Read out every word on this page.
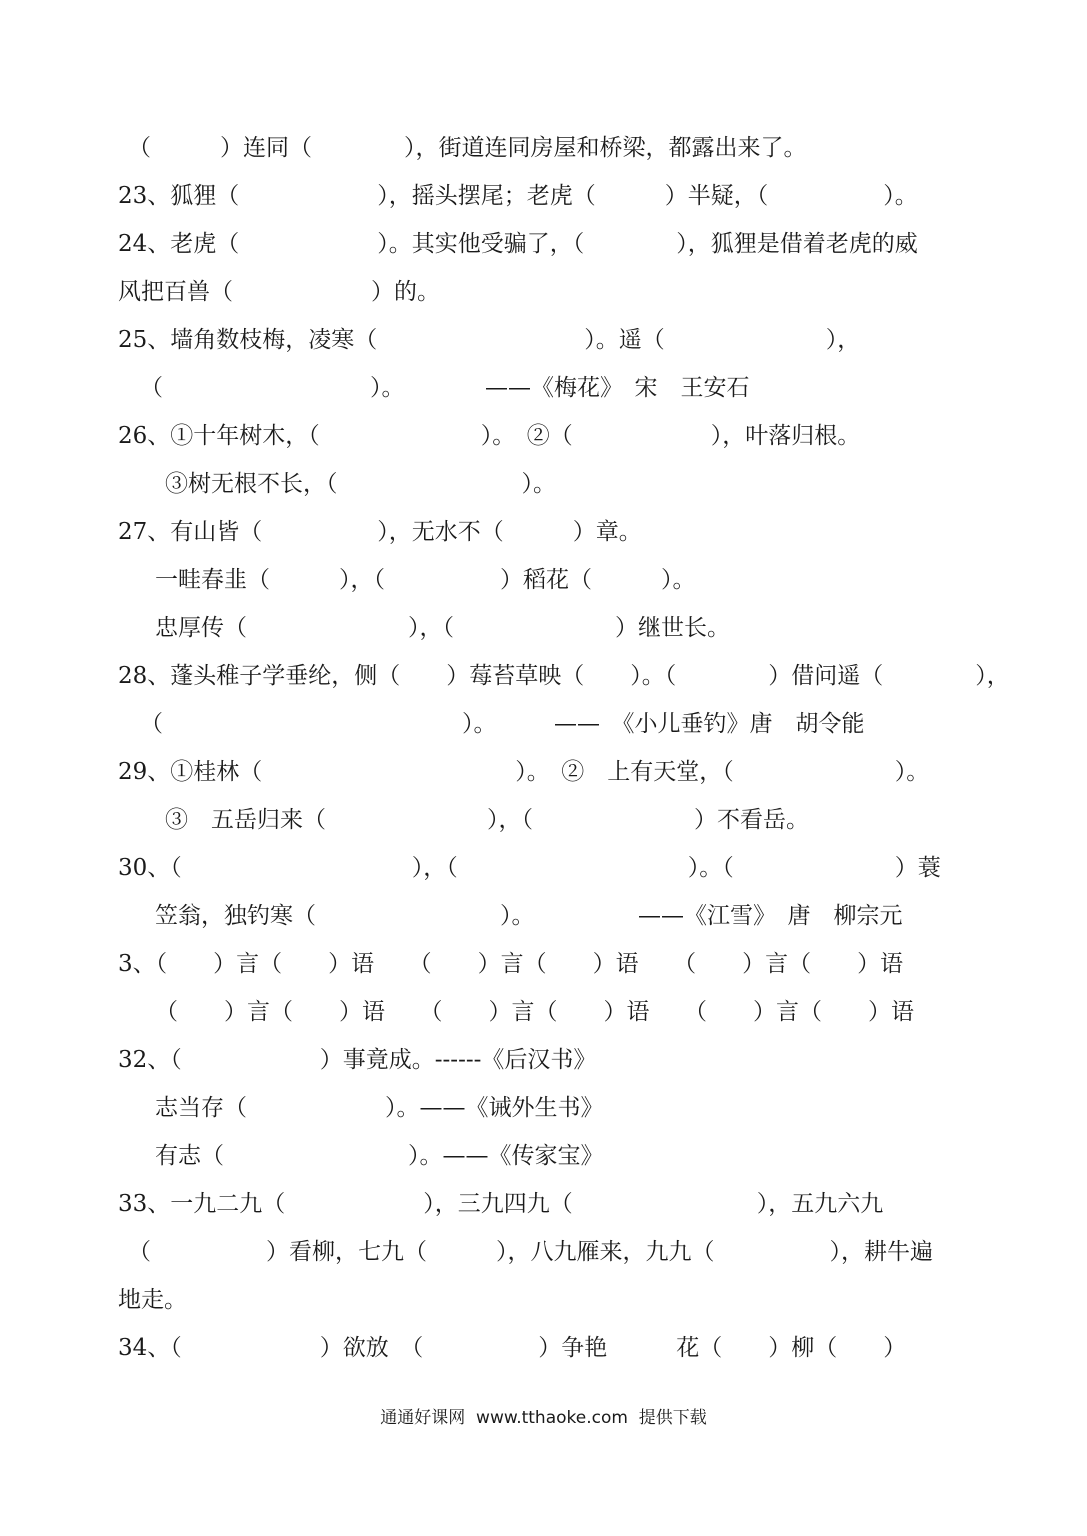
（　　　）连同（　　　　），街道连同房屋和桥梁，都露出来了。
23、狐狸（　　　　　　），摇头摆尾；老虎（　　　）半疑，（　　　　　）。
24、老虎（　　　　　　）。其实他受骗了，（　　　　），狐狸是借着老虎的威
风把百兽（　　　　　　）的。
25、墙角数枝梅，凌寒（　　　　　　　　　）。遥（　　　　　　　），
（　　　　　　　　　）。　　　　——《梅花》　宋　王安石
26、①十年树木，（　　　　　　　）。　②（　　　　　　），叶落归根。
③树无根不长，（　　　　　　　　）。
27、有山皆（　　　　　），无水不（　　　）章。
一畦春韭（　　　），（　　　　　）稻花（　　　）。
忠厚传（　　　　　　　），（　　　　　　　）继世长。
28、蓬头稚子学垂纶，侧（　　）莓苔草映（　　）。（　　　　）借问遥（　　　　），
（　　　　　　　　　　　　　）。　　　——　《小儿垂钓》唐　胡令能
29、①桂林（　　　　　　　　　　　）。　②　上有天堂，（　　　　　　　）。
③　五岳归来（　　　　　　　），（　　　　　　　）不看岳。
30、（　　　　　　　　　　），（　　　　　　　　　　）。（　　　　　　　）蓑
笠翁，独钓寒（　　　　　　　　）。　　　　　——《江雪》　唐　柳宗元
3、（　　）言（　　）语　　（　　）言（　　）语　　（　　）言（　　）语
（　　）言（　　）语　　（　　）言（　　）语　　（　　）言（　　）语
32、（　　　　　　）事竟成。------《后汉书》
志当存（　　　　　　）。——《诫外生书》
有志（　　　　　　　　）。——《传家宝》
33、一九二九（　　　　　　），三九四九（　　　　　　　　），五九六九
（　　　　　）看柳，七九（　　　），八九雁来，九九（　　　　　），耕牛遍
地走。
34、（　　　　　　）欲放　（　　　　　）争艳　　　花（　　）柳（　　）
通通好课网  www.tthaoke.com  提供下载
